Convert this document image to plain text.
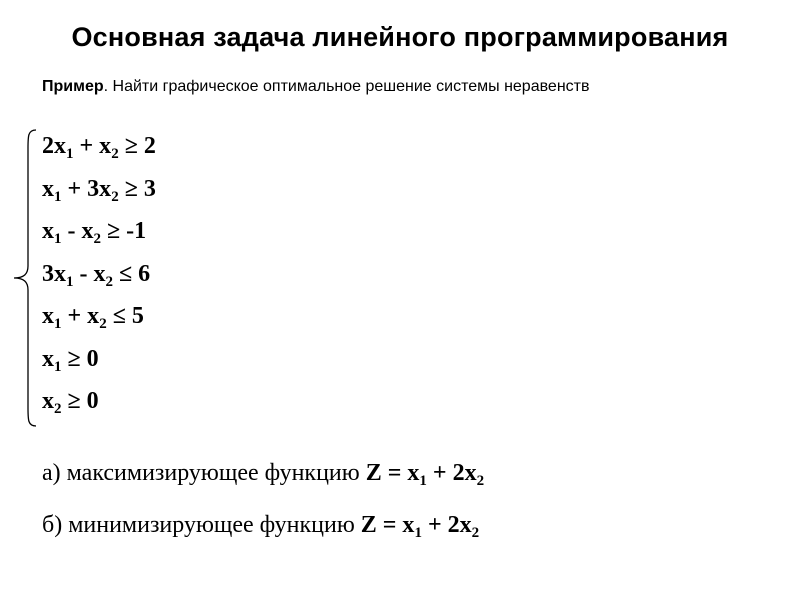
Основная задача линейного программирования
Пример. Найти графическое оптимальное решение системы неравенств
$2x_1 + x_2 \ge 2$
$x_1 + 3x_2 \ge 3$
$x_1 - x_2 \ge -1$
$3x_1 - x_2 \le 6$
$x_1 + x_2 \le 5$
$x_1 \ge 0$
$x_2 \ge 0$
а) максимизирующее функцию $Z = x_1 + 2x_2$
б) минимизирующее функцию $Z = x_1 + 2x_2$
